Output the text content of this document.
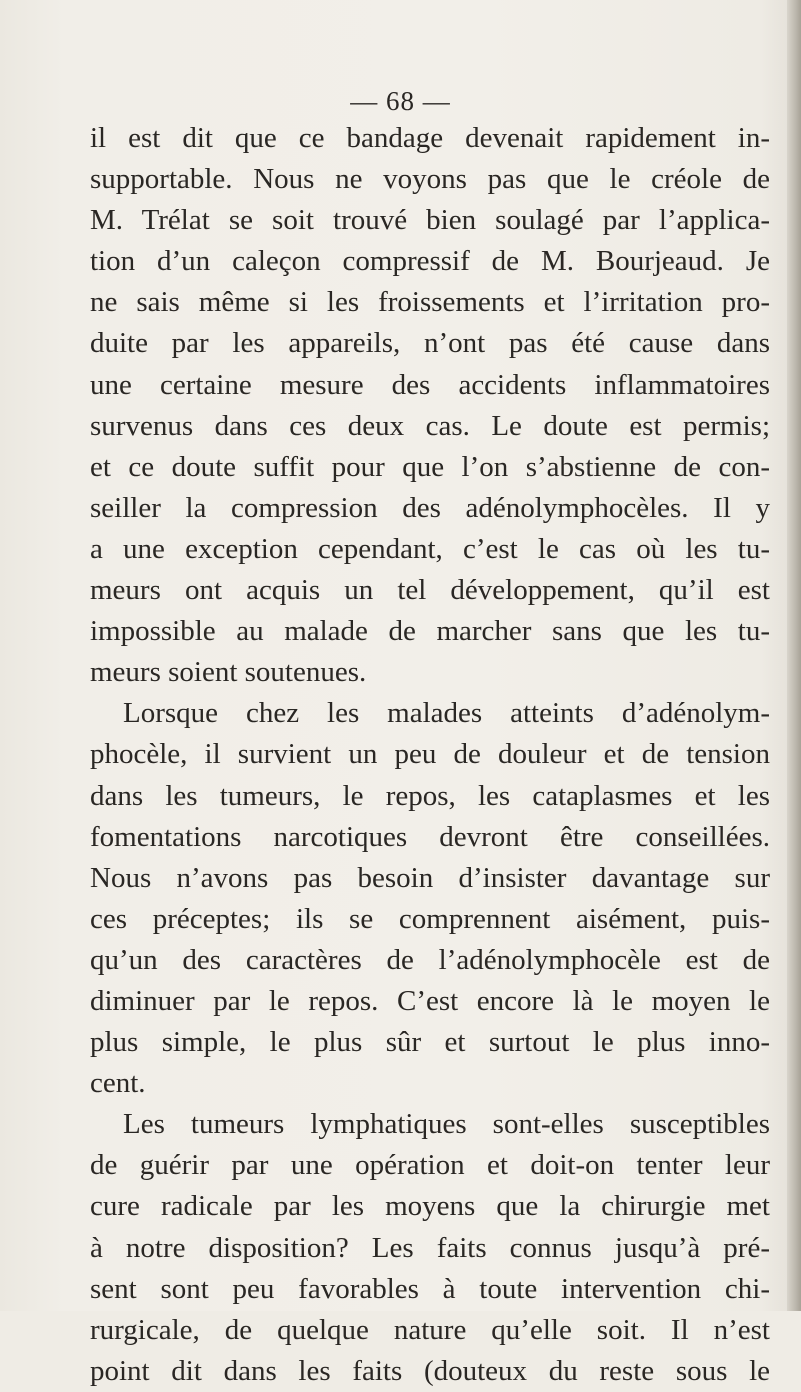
— 68 —
il est dit que ce bandage devenait rapidement in-
supportable. Nous ne voyons pas que le créole de
M. Trélat se soit trouvé bien soulagé par l’applica-
tion d’un caleçon compressif de M. Bourjeaud. Je
ne sais même si les froissements et l’irritation pro-
duite par les appareils, n’ont pas été cause dans
une certaine mesure des accidents inflammatoires
survenus dans ces deux cas. Le doute est permis;
et ce doute suffit pour que l’on s’abstienne de con-
seiller la compression des adénolymphocèles. Il y
a une exception cependant, c’est le cas où les tu-
meurs ont acquis un tel développement, qu’il est
impossible au malade de marcher sans que les tu-
meurs soient soutenues.
Lorsque chez les malades atteints d’adénolym-
phocèle, il survient un peu de douleur et de tension
dans les tumeurs, le repos, les cataplasmes et les
fomentations narcotiques devront être conseillées.
Nous n’avons pas besoin d’insister davantage sur
ces préceptes; ils se comprennent aisément, puis-
qu’un des caractères de l’adénolymphocèle est de
diminuer par le repos. C’est encore là le moyen le
plus simple, le plus sûr et surtout le plus inno-
cent.
Les tumeurs lymphatiques sont-elles susceptibles
de guérir par une opération et doit-on tenter leur
cure radicale par les moyens que la chirurgie met
à notre disposition? Les faits connus jusqu’à pré-
sent sont peu favorables à toute intervention chi-
rurgicale, de quelque nature qu’elle soit. Il n’est
point dit dans les faits (douteux du reste sous le
